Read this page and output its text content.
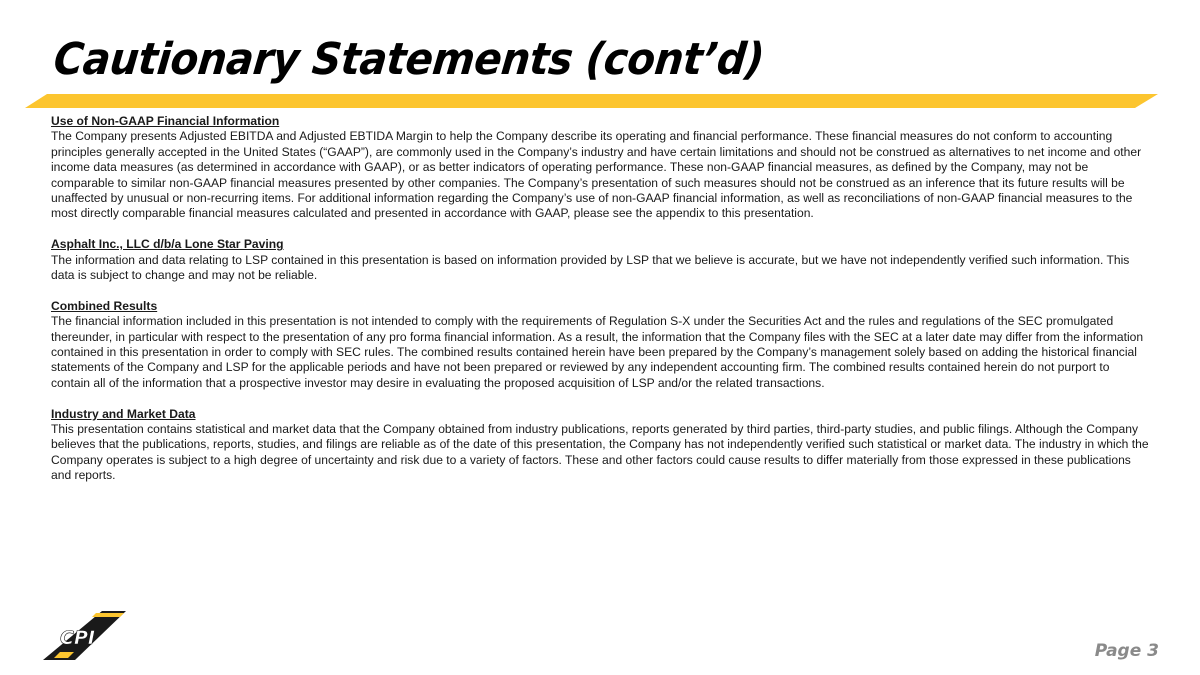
Cautionary Statements (cont’d)
Use of Non-GAAP Financial Information

The Company presents Adjusted EBITDA and Adjusted EBTIDA Margin to help the Company describe its operating and financial performance. These financial measures do not conform to accounting principles generally accepted in the United States (“GAAP”), are commonly used in the Company’s industry and have certain limitations and should not be construed as alternatives to net income and other income data measures (as determined in accordance with GAAP), or as better indicators of operating performance. These non-GAAP financial measures, as defined by the Company, may not be comparable to similar non-GAAP financial measures presented by other companies. The Company’s presentation of such measures should not be construed as an inference that its future results will be unaffected by unusual or non-recurring items. For additional information regarding the Company’s use of non-GAAP financial information, as well as reconciliations of non-GAAP financial measures to the most directly comparable financial measures calculated and presented in accordance with GAAP, please see the appendix to this presentation.

Asphalt Inc., LLC d/b/a Lone Star Paving

The information and data relating to LSP contained in this presentation is based on information provided by LSP that we believe is accurate, but we have not independently verified such information. This data is subject to change and may not be reliable.

Combined Results

The financial information included in this presentation is not intended to comply with the requirements of Regulation S-X under the Securities Act and the rules and regulations of the SEC promulgated thereunder, in particular with respect to the presentation of any pro forma financial information. As a result, the information that the Company files with the SEC at a later date may differ from the information contained in this presentation in order to comply with SEC rules. The combined results contained herein have been prepared by the Company’s management solely based on adding the historical financial statements of the Company and LSP for the applicable periods and have not been prepared or reviewed by any independent accounting firm. The combined results contained herein do not purport to contain all of the information that a prospective investor may desire in evaluating the proposed acquisition of LSP and/or the related transactions.

Industry and Market Data

This presentation contains statistical and market data that the Company obtained from industry publications, reports generated by third parties, third-party studies, and public filings. Although the Company believes that the publications, reports, studies, and filings are reliable as of the date of this presentation, the Company has not independently verified such statistical or market data. The industry in which the Company operates is subject to a high degree of uncertainty and risk due to a variety of factors. These and other factors could cause results to differ materially from those expressed in these publications and reports.

CPI
Page 3
